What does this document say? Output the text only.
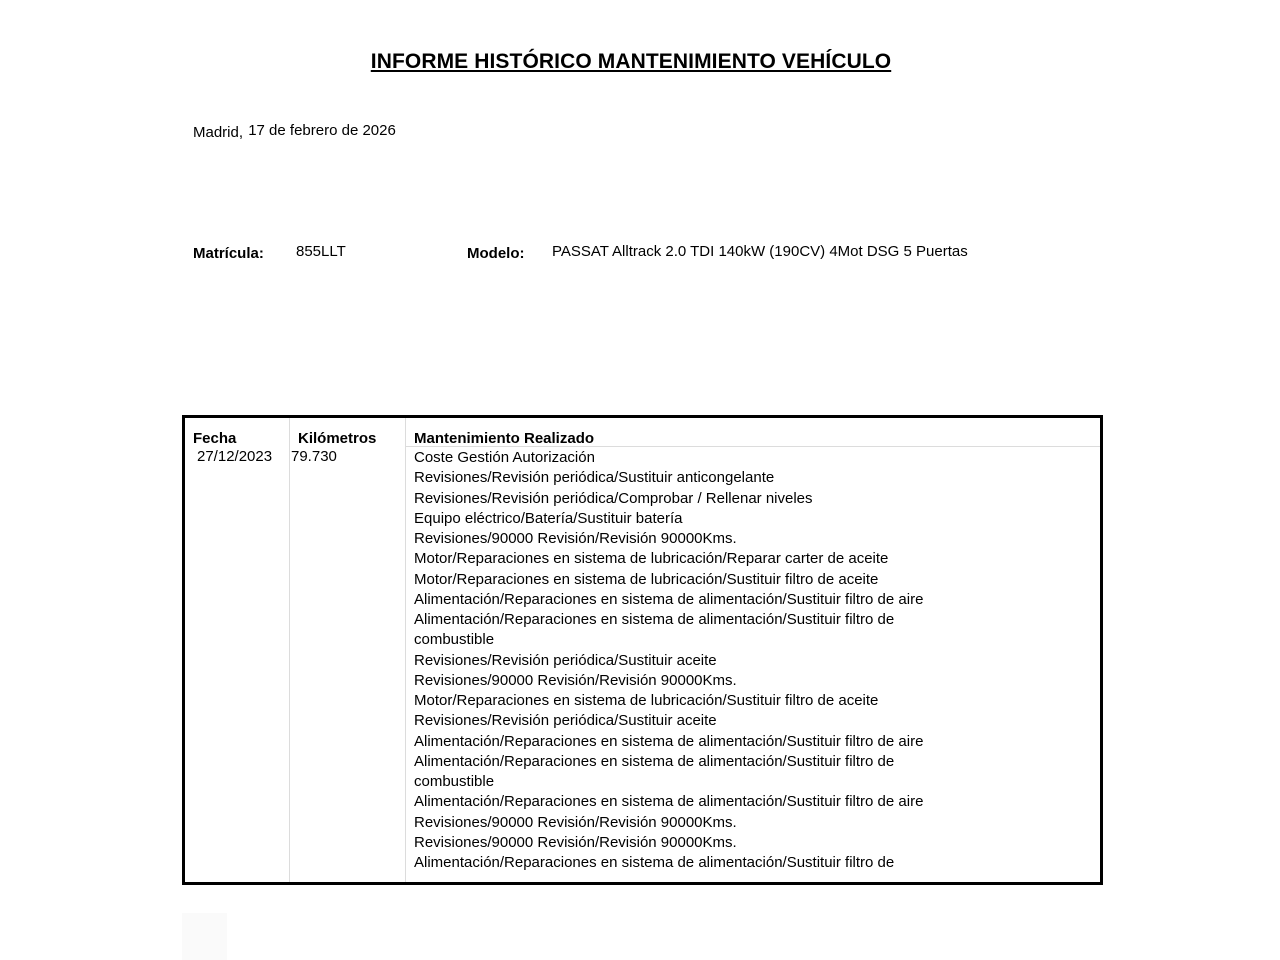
INFORME HISTÓRICO MANTENIMIENTO VEHÍCULO
Madrid, 17 de febrero de 2026
Matrícula: 855LLT	Modelo: PASSAT Alltrack 2.0 TDI 140kW (190CV) 4Mot DSG 5 Puertas
Fecha	Kilómetros	Mantenimiento Realizado
27/12/2023 79.730	Coste Gestión Autorización
Revisiones/Revisión periódica/Sustituir anticongelante
Revisiones/Revisión periódica/Comprobar / Rellenar niveles
Equipo eléctrico/Batería/Sustituir batería
Revisiones/90000 Revisión/Revisión 90000Kms.
Motor/Reparaciones en sistema de lubricación/Reparar carter de aceite
Motor/Reparaciones en sistema de lubricación/Sustituir filtro de aceite
Alimentación/Reparaciones en sistema de alimentación/Sustituir filtro de aire
Alimentación/Reparaciones en sistema de alimentación/Sustituir filtro de
combustible
Revisiones/Revisión periódica/Sustituir aceite
Revisiones/90000 Revisión/Revisión 90000Kms.
Motor/Reparaciones en sistema de lubricación/Sustituir filtro de aceite
Revisiones/Revisión periódica/Sustituir aceite
Alimentación/Reparaciones en sistema de alimentación/Sustituir filtro de aire
Alimentación/Reparaciones en sistema de alimentación/Sustituir filtro de
combustible
Alimentación/Reparaciones en sistema de alimentación/Sustituir filtro de aire
Revisiones/90000 Revisión/Revisión 90000Kms.
Revisiones/90000 Revisión/Revisión 90000Kms.
Alimentación/Reparaciones en sistema de alimentación/Sustituir filtro de
